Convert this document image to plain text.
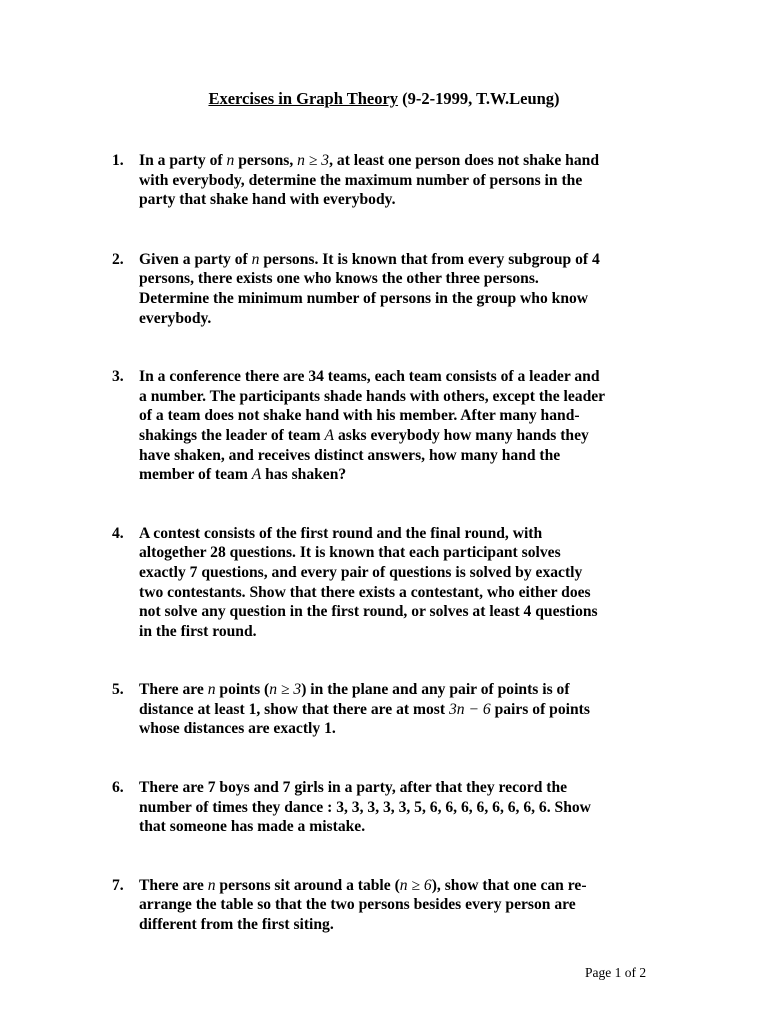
Exercises in Graph Theory (9-2-1999, T.W.Leung)
1. In a party of n persons, n ≥ 3, at least one person does not shake hand
with everybody, determine the maximum number of persons in the
party that shake hand with everybody.
2. Given a party of n persons. It is known that from every subgroup of 4
persons, there exists one who knows the other three persons.
Determine the minimum number of persons in the group who know
everybody.
3. In a conference there are 34 teams, each team consists of a leader and
a number. The participants shade hands with others, except the leader
of a team does not shake hand with his member. After many hand-
shakings the leader of team A asks everybody how many hands they
have shaken, and receives distinct answers, how many hand the
member of team A has shaken?
4. A contest consists of the first round and the final round, with
altogether 28 questions. It is known that each participant solves
exactly 7 questions, and every pair of questions is solved by exactly
two contestants. Show that there exists a contestant, who either does
not solve any question in the first round, or solves at least 4 questions
in the first round.
5. There are n points (n ≥ 3) in the plane and any pair of points is of
distance at least 1, show that there are at most 3n − 6 pairs of points
whose distances are exactly 1.
6. There are 7 boys and 7 girls in a party, after that they record the
number of times they dance : 3, 3, 3, 3, 3, 5, 6, 6, 6, 6, 6, 6, 6, 6. Show
that someone has made a mistake.
7. There are n persons sit around a table (n ≥ 6), show that one can re-
arrange the table so that the two persons besides every person are
different from the first siting.
Page 1 of 2
